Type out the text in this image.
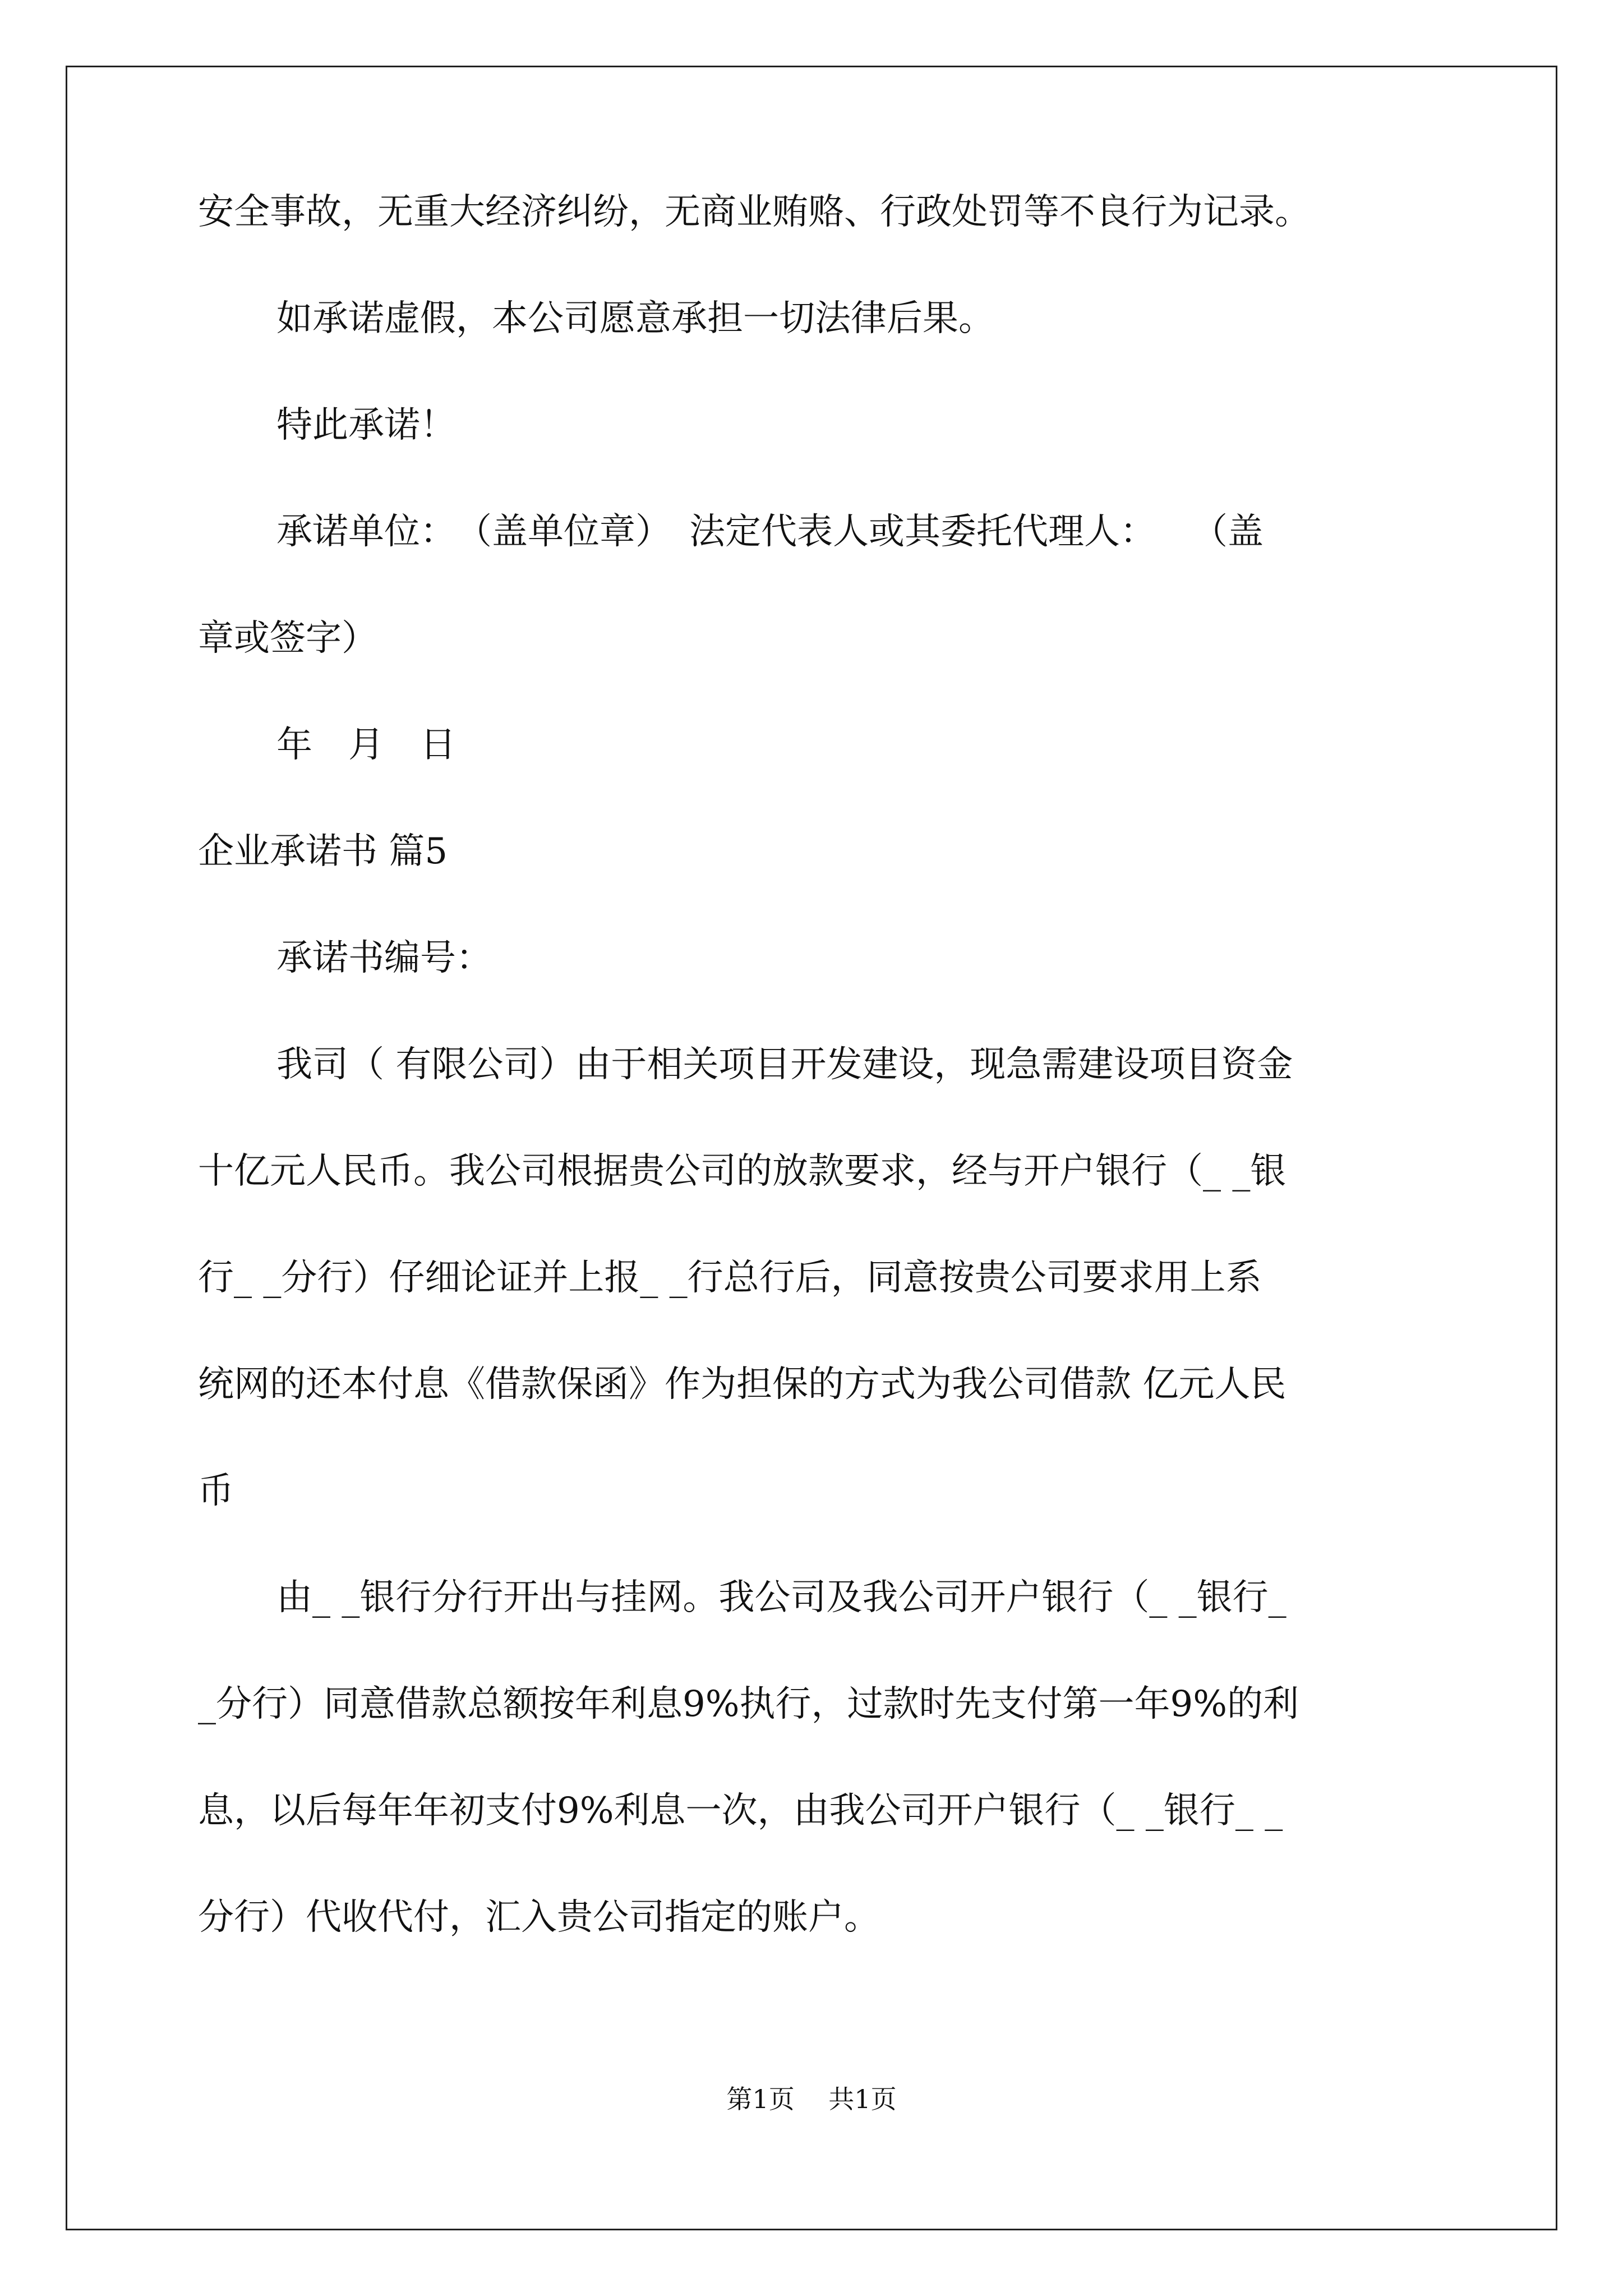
安全事故，无重大经济纠纷，无商业贿赂、行政处罚等不良行为记录。
如承诺虚假，本公司愿意承担一切法律后果。
特此承诺！
承诺单位：　（盖单位章）　法定代表人或其委托代理人：　　（盖
章或签字）
年　月　日
企业承诺书 篇5
承诺书编号：
我司（ 有限公司）由于相关项目开发建设，现急需建设项目资金
十亿元人民币。我公司根据贵公司的放款要求，经与开户银行（_ _银
行_ _分行）仔细论证并上报_ _行总行后，同意按贵公司要求用上系
统网的还本付息《借款保函》作为担保的方式为我公司借款 亿元人民
币
由_ _银行分行开出与挂网。我公司及我公司开户银行（_ _银行_
_分行）同意借款总额按年利息9%执行，过款时先支付第一年9%的利
息，以后每年年初支付9%利息一次，由我公司开户银行（_ _银行_ _
分行）代收代付，汇入贵公司指定的账户。
第1页　 共1页
